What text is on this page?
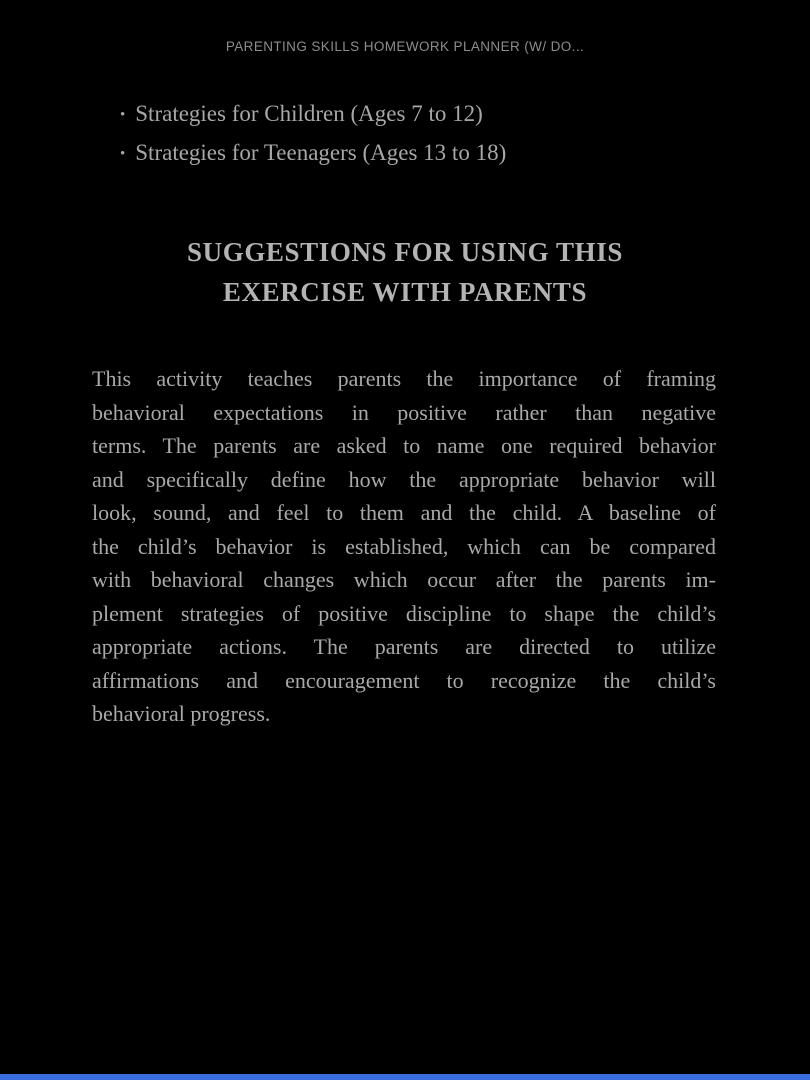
PARENTING SKILLS HOMEWORK PLANNER (W/ DO...
• Strategies for Children (Ages 7 to 12)
• Strategies for Teenagers (Ages 13 to 18)
SUGGESTIONS FOR USING THIS
EXERCISE WITH PARENTS
This activity teaches parents the importance of framing
behavioral expectations in positive rather than negative
terms. The parents are asked to name one required behavior
and specifically define how the appropriate behavior will
look, sound, and feel to them and the child. A baseline of
the child’s behavior is established, which can be compared
with behavioral changes which occur after the parents im-
plement strategies of positive discipline to shape the child’s
appropriate actions. The parents are directed to utilize
affirmations and encouragement to recognize the child’s
behavioral progress.
